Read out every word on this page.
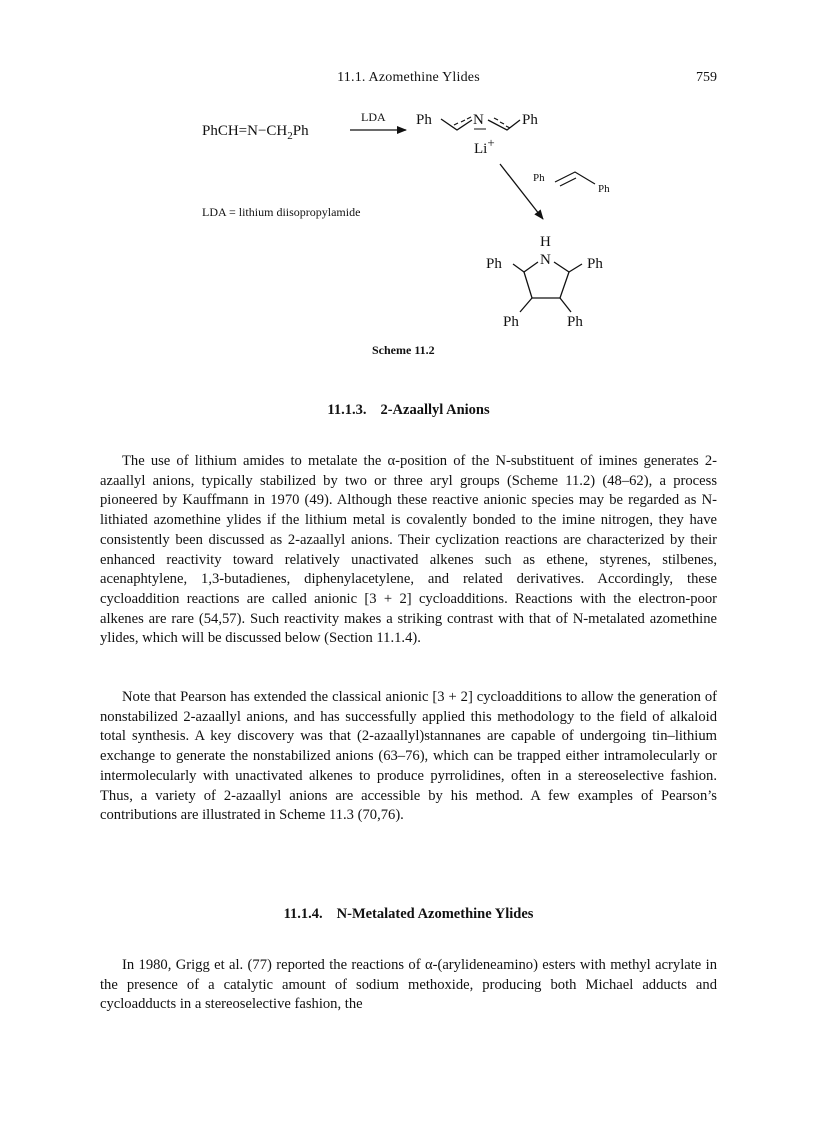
11.1. Azomethine Ylides	759
$PhCH=N-CH_2Ph$
LDA Ph	N	Ph
Li+
Ph
Ph
LDA = lithium diisopropylamide
H
N
Ph	Ph
Ph	Ph
Scheme 11.2
11.1.3. 2-Azaallyl Anions

The use of lithium amides to metalate the α-position of the N-substituent of imines generates 2-azaallyl anions, typically stabilized by two or three aryl groups (Scheme 11.2) (48–62), a process pioneered by Kauffmann in 1970 (49). Although these reactive anionic species may be regarded as N-lithiated azomethine ylides if the lithium metal is covalently bonded to the imine nitrogen, they have consistently been discussed as 2-azaallyl anions. Their cyclization reactions are characterized by their enhanced reactivity toward relatively unactivated alkenes such as ethene, styrenes, stilbenes, acenaphtylene, 1,3-butadienes, diphenylacetylene, and related derivatives. Accordingly, these cycloaddition reactions are called anionic [3 + 2] cycloadditions. Reactions with the electron-poor alkenes are rare (54,57). Such reactivity makes a striking contrast with that of N-metalated azomethine ylides, which will be discussed below (Section 11.1.4).

Note that Pearson has extended the classical anionic [3 + 2] cycloadditions to allow the generation of nonstabilized 2-azaallyl anions, and has successfully applied this methodology to the field of alkaloid total synthesis. A key discovery was that (2-azaallyl)stannanes are capable of undergoing tin–lithium exchange to generate the nonstabilized anions (63–76), which can be trapped either intramolecularly or intermolecularly with unactivated alkenes to produce pyrrolidines, often in a stereoselective fashion. Thus, a variety of 2-azaallyl anions are accessible by his method. A few examples of Pearson’s contributions are illustrated in Scheme 11.3 (70,76).

11.1.4. N-Metalated Azomethine Ylides

In 1980, Grigg et al. (77) reported the reactions of α-(arylideneamino) esters with methyl acrylate in the presence of a catalytic amount of sodium methoxide, producing both Michael adducts and cycloadducts in a stereoselective fashion, the
